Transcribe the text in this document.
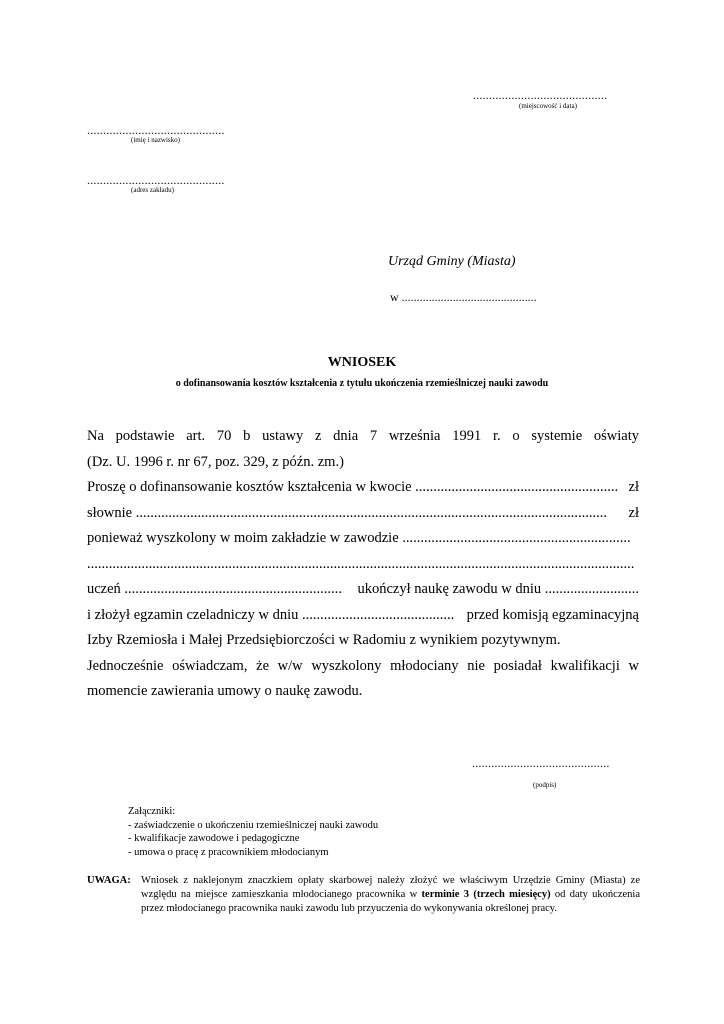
..........................................
(miejscowość i data)
...........................................
(imię i nazwisko)
...........................................
(adres zakładu)
Urząd Gminy (Miasta)
w .............................................
WNIOSEK
o dofinansowania kosztów kształcenia z tytułu ukończenia rzemieślniczej nauki zawodu
Na podstawie art. 70 b ustawy z dnia 7 września 1991 r. o systemie oświaty
(Dz. U. 1996 r. nr 67, poz. 329, z późn. zm.)
Proszę o dofinansowanie kosztów kształcenia w kwocie ........................................................ zł
słownie .................................................................................................................................. zł
ponieważ wyszkolony w moim zakładzie w zawodzie ...............................................................
.......................................................................................................................................................
uczeń ............................................................ ukończył naukę zawodu w dniu ..........................
i złożył egzamin czeladniczy w dniu .......................................... przed komisją egzaminacyjną
Izby Rzemiosła i Małej Przedsiębiorczości w Radomiu z wynikiem pozytywnym.
Jednocześnie oświadczam, że w/w wyszkolony młodociany nie posiadał kwalifikacji w
momencie zawierania umowy o naukę zawodu.
...........................................
(podpis)
Załączniki:
- zaświadczenie o ukończeniu rzemieślniczej nauki zawodu
- kwalifikacje zawodowe i pedagogiczne
- umowa o pracę z pracownikiem młodocianym
UWAGA: Wniosek z naklejonym znaczkiem opłaty skarbowej należy złożyć we właściwym Urzędzie Gminy (Miasta) ze względu na miejsce zamieszkania młodocianego pracownika w terminie 3 (trzech miesięcy) od daty ukończenia przez młodocianego pracownika nauki zawodu lub przyuczenia do wykonywania określonej pracy.
